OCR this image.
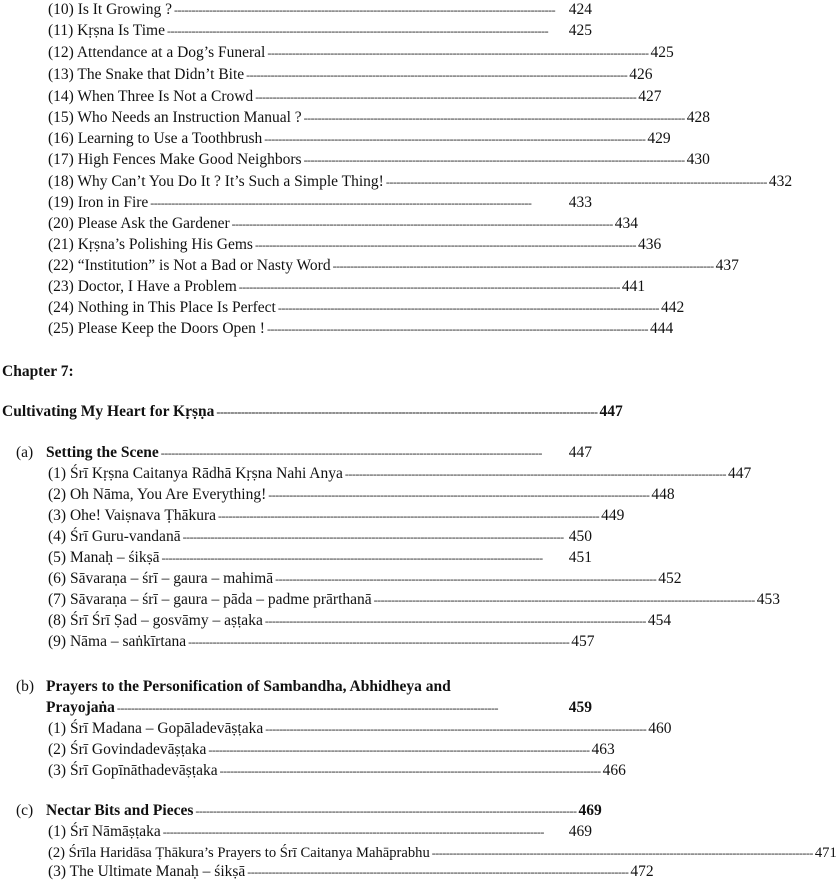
(10) Is It Growing ? ------------------------------------------------------------------------------------------------------------- 424
(11) Kṛṣna Is Time -------------------------------------------------------------------------------------------------------------	425
(12) Attendance at a Dog’s Funeral ------------------------------------------------------------------------------------------------------------- 425
(13) The Snake that Didn’t Bite ------------------------------------------------------------------------------------------------------------- 426
(14) When Three Is Not a Crowd ------------------------------------------------------------------------------------------------------------- 427
(15) Who Needs an Instruction Manual ? ------------------------------------------------------------------------------------------------------------- 428
(16) Learning to Use a Toothbrush ------------------------------------------------------------------------------------------------------------- 429
(17) High Fences Make Good Neighbors ------------------------------------------------------------------------------------------------------------- 430
(18) Why Can’t You Do It ? It’s Such a Simple Thing! ------------------------------------------------------------------------------------------------------------- 432
(19) Iron in Fire -------------------------------------------------------------------------------------------------------------	433
(20) Please Ask the Gardener ------------------------------------------------------------------------------------------------------------- 434
(21) Kṛṣna’s Polishing His Gems ------------------------------------------------------------------------------------------------------------- 436
(22) “Institution” is Not a Bad or Nasty Word ------------------------------------------------------------------------------------------------------------- 437
(23) Doctor, I Have a Problem ------------------------------------------------------------------------------------------------------------- 441
(24) Nothing in This Place Is Perfect ------------------------------------------------------------------------------------------------------------- 442
(25) Please Keep the Doors Open ! ------------------------------------------------------------------------------------------------------------- 444
Chapter 7:
Cultivating My Heart for Kṛṣṇa ------------------------------------------------------------------------------------------------------------- 447
(a) Setting the Scene -------------------------------------------------------------------------------------------------------------	447
(1) Śrī Kṛṣna Caitanya Rādhā Kṛṣna Nahi Anya ------------------------------------------------------------------------------------------------------------- 447
(2) Oh Nāma, You Are Everything! ------------------------------------------------------------------------------------------------------------- 448
(3) Ohe! Vaiṣnava Ṭhākura ------------------------------------------------------------------------------------------------------------- 449
(4) Śrī Guru-vandanā ------------------------------------------------------------------------------------------------------------- 450
(5) Manaḥ – śikṣā -------------------------------------------------------------------------------------------------------------	451
(6) Sāvaraṇa – śrī – gaura – mahimā ------------------------------------------------------------------------------------------------------------- 452
(7) Sāvaraṇa – śrī – gaura – pāda – padme prārthanā ------------------------------------------------------------------------------------------------------------- 453
(8) Śrī Śrī Ṣad – gosvāmy – aṣṭaka ------------------------------------------------------------------------------------------------------------- 454
(9) Nāma – saṅkīrtana ------------------------------------------------------------------------------------------------------------- 457
(b) Prayers to the Personification of Sambandha, Abhidheya and
Prayojaṅa -------------------------------------------------------------------------------------------------------------	459
(1) Śrī Madana – Gopāladevāṣṭaka ------------------------------------------------------------------------------------------------------------- 460
(2) Śrī Govindadevāṣṭaka ------------------------------------------------------------------------------------------------------------- 463
(3) Śrī Gopīnāthadevāṣṭaka ------------------------------------------------------------------------------------------------------------- 466
(c) Nectar Bits and Pieces ------------------------------------------------------------------------------------------------------------- 469
(1) Śrī Nāmāṣṭaka -------------------------------------------------------------------------------------------------------------	469
(2) Śrīla Haridāsa Ṭhākura’s Prayers to Śrī Caitanya Mahāprabhu ------------------------------------------------------------------------------------------------------------- 471
(3) The Ultimate Manaḥ – śikṣā ------------------------------------------------------------------------------------------------------------- 472
